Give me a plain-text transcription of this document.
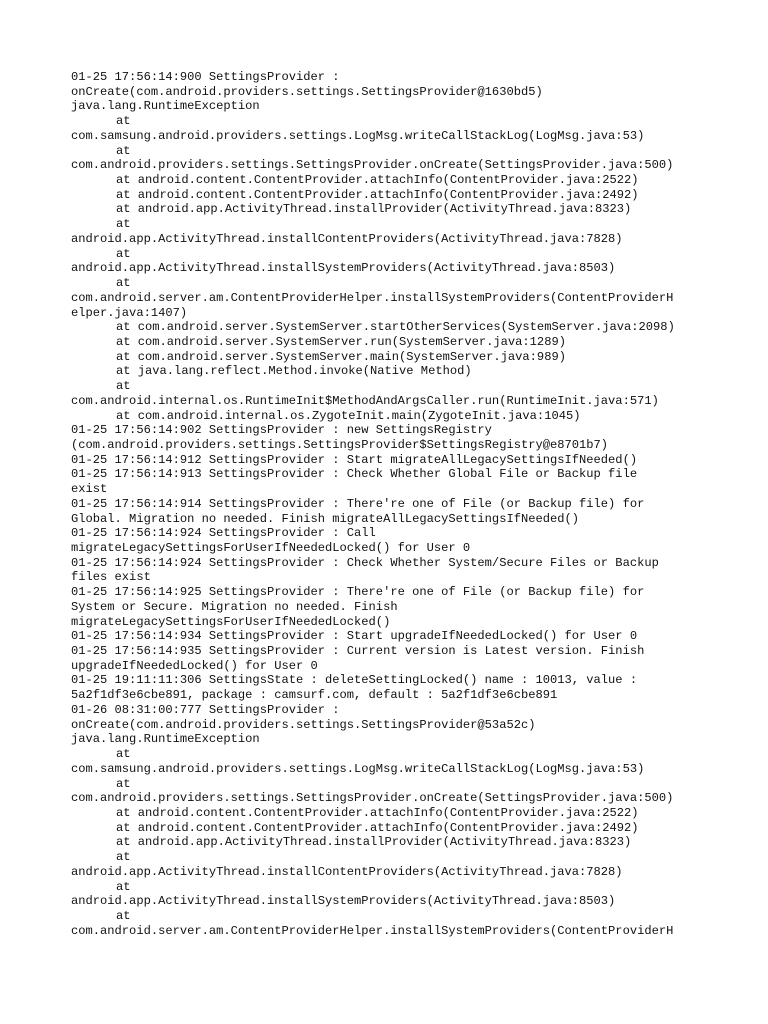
01-25 17:56:14:900 SettingsProvider :
onCreate(com.android.providers.settings.SettingsProvider@1630bd5)
java.lang.RuntimeException
at
com.samsung.android.providers.settings.LogMsg.writeCallStackLog(LogMsg.java:53)
at
com.android.providers.settings.SettingsProvider.onCreate(SettingsProvider.java:500)
at android.content.ContentProvider.attachInfo(ContentProvider.java:2522)
at android.content.ContentProvider.attachInfo(ContentProvider.java:2492)
at android.app.ActivityThread.installProvider(ActivityThread.java:8323)
at
android.app.ActivityThread.installContentProviders(ActivityThread.java:7828)
at
android.app.ActivityThread.installSystemProviders(ActivityThread.java:8503)
at
com.android.server.am.ContentProviderHelper.installSystemProviders(ContentProviderH
elper.java:1407)
at com.android.server.SystemServer.startOtherServices(SystemServer.java:2098)
at com.android.server.SystemServer.run(SystemServer.java:1289)
at com.android.server.SystemServer.main(SystemServer.java:989)
at java.lang.reflect.Method.invoke(Native Method)
at
com.android.internal.os.RuntimeInit$MethodAndArgsCaller.run(RuntimeInit.java:571)
at com.android.internal.os.ZygoteInit.main(ZygoteInit.java:1045)
01-25 17:56:14:902 SettingsProvider : new SettingsRegistry
(com.android.providers.settings.SettingsProvider$SettingsRegistry@e8701b7)
01-25 17:56:14:912 SettingsProvider : Start migrateAllLegacySettingsIfNeeded()
01-25 17:56:14:913 SettingsProvider : Check Whether Global File or Backup file
exist
01-25 17:56:14:914 SettingsProvider : There're one of File (or Backup file) for
Global. Migration no needed. Finish migrateAllLegacySettingsIfNeeded()
01-25 17:56:14:924 SettingsProvider : Call
migrateLegacySettingsForUserIfNeededLocked() for User 0
01-25 17:56:14:924 SettingsProvider : Check Whether System/Secure Files or Backup
files exist
01-25 17:56:14:925 SettingsProvider : There're one of File (or Backup file) for
System or Secure. Migration no needed. Finish
migrateLegacySettingsForUserIfNeededLocked()
01-25 17:56:14:934 SettingsProvider : Start upgradeIfNeededLocked() for User 0
01-25 17:56:14:935 SettingsProvider : Current version is Latest version. Finish
upgradeIfNeededLocked() for User 0
01-25 19:11:11:306 SettingsState : deleteSettingLocked() name : 10013, value :
5a2f1df3e6cbe891, package : camsurf.com, default : 5a2f1df3e6cbe891
01-26 08:31:00:777 SettingsProvider :
onCreate(com.android.providers.settings.SettingsProvider@53a52c)
java.lang.RuntimeException
at
com.samsung.android.providers.settings.LogMsg.writeCallStackLog(LogMsg.java:53)
at
com.android.providers.settings.SettingsProvider.onCreate(SettingsProvider.java:500)
at android.content.ContentProvider.attachInfo(ContentProvider.java:2522)
at android.content.ContentProvider.attachInfo(ContentProvider.java:2492)
at android.app.ActivityThread.installProvider(ActivityThread.java:8323)
at
android.app.ActivityThread.installContentProviders(ActivityThread.java:7828)
at
android.app.ActivityThread.installSystemProviders(ActivityThread.java:8503)
at
com.android.server.am.ContentProviderHelper.installSystemProviders(ContentProviderH
